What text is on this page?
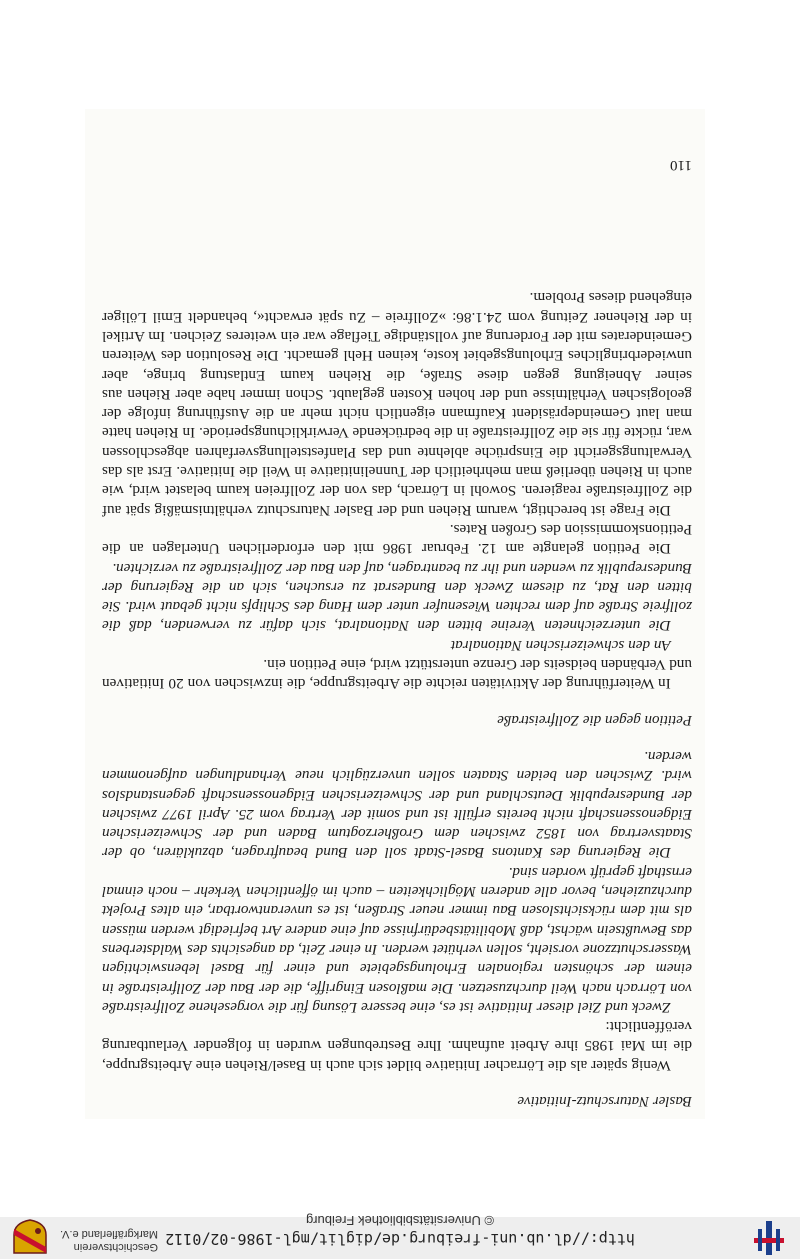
http://dl.ub.uni-freiburg.de/diglit/mgl-1986-02/0112
© Universitätsbibliothek Freiburg
Geschichtsverein
Markgräflerland e.V.

Basler Naturschutz-Initiative

Wenig später als die Lörracher Initiative bildet sich auch in Basel/Riehen eine Arbeitsgruppe, die im Mai 1985 ihre Arbeit aufnahm. Ihre Bestrebungen wurden in folgender Verlautbarung veröffentlicht:

Zweck und Ziel dieser Initiative ist es, eine bessere Lösung für die vorgesehene Zollfreistraße von Lörrach nach Weil durchzusetzen. Die maßlosen Eingriffe, die der Bau der Zollfreistraße in einem der schönsten regionalen Erholungsgebiete und einer für Basel lebenswichtigen Wasserschutzzone vorsieht, sollen verhütet werden. In einer Zeit, da angesichts des Waldsterbens das Bewußtsein wächst, daß Mobilitätsbedürfnisse auf eine andere Art befriedigt werden müssen als mit dem rücksichtslosen Bau immer neuer Straßen, ist es unverantwortbar, ein altes Projekt durchzuziehen, bevor alle anderen Möglichkeiten – auch im öffentlichen Verkehr – noch einmal ernsthaft geprüft worden sind.

Die Regierung des Kantons Basel-Stadt soll den Bund beauftragen, abzuklären, ob der Staatsvertrag von 1852 zwischen dem Großherzogtum Baden und der Schweizerischen Eidgenossenschaft nicht bereits erfüllt ist und somit der Vertrag vom 25. April 1977 zwischen der Bundesrepublik Deutschland und der Schweizerischen Eidgenossenschaft gegenstandslos wird. Zwischen den beiden Staaten sollen unverzüglich neue Verhandlungen aufgenommen werden.

Petition gegen die Zollfreistraße

In Weiterführung der Aktivitäten reichte die Arbeitsgruppe, die inzwischen von 20 Initiativen und Verbänden beidseits der Grenze unterstützt wird, eine Petition ein.

An den schweizerischen Nationalrat

Die unterzeichneten Vereine bitten den Nationalrat, sich dafür zu verwenden, daß die zollfreie Straße auf dem rechten Wiesenufer unter dem Hang des Schlipfs nicht gebaut wird. Sie bitten den Rat, zu diesem Zweck den Bundesrat zu ersuchen, sich an die Regierung der Bundesrepublik zu wenden und ihr zu beantragen, auf den Bau der Zollfreistraße zu verzichten.

Die Petition gelangte am 12. Februar 1986 mit den erforderlichen Unterlagen an die Petitionskommission des Großen Rates.

Die Frage ist berechtigt, warum Riehen und der Basler Naturschutz verhältnismäßig spät auf die Zollfreistraße reagieren. Sowohl in Lörrach, das von der Zollfreien kaum belastet wird, wie auch in Riehen überließ man mehrheitlich der Tunnelinitiative in Weil die Initiative. Erst als das Verwaltungsgericht die Einsprüche ablehnte und das Planfeststellungsverfahren abgeschlossen war, rückte für sie die Zollfreistraße in die bedrückende Verwirklichungsperiode. In Riehen hatte man laut Gemeindepräsident Kaufmann eigentlich nicht mehr an die Ausführung infolge der geologischen Verhältnisse und der hohen Kosten geglaubt. Schon immer habe aber Riehen aus seiner Abneigung gegen diese Straße, die Riehen kaum Entlastung bringe, aber unwiederbringliches Erholungsgebiet koste, keinen Hehl gemacht. Die Resolution des Weiteren Gemeinderates mit der Forderung auf vollständige Tieflage war ein weiteres Zeichen. Im Artikel in der Riehener Zeitung vom 24.1.86: »Zollfreie – Zu spät erwacht«, behandelt Emil Löliger eingehend dieses Problem.

110
